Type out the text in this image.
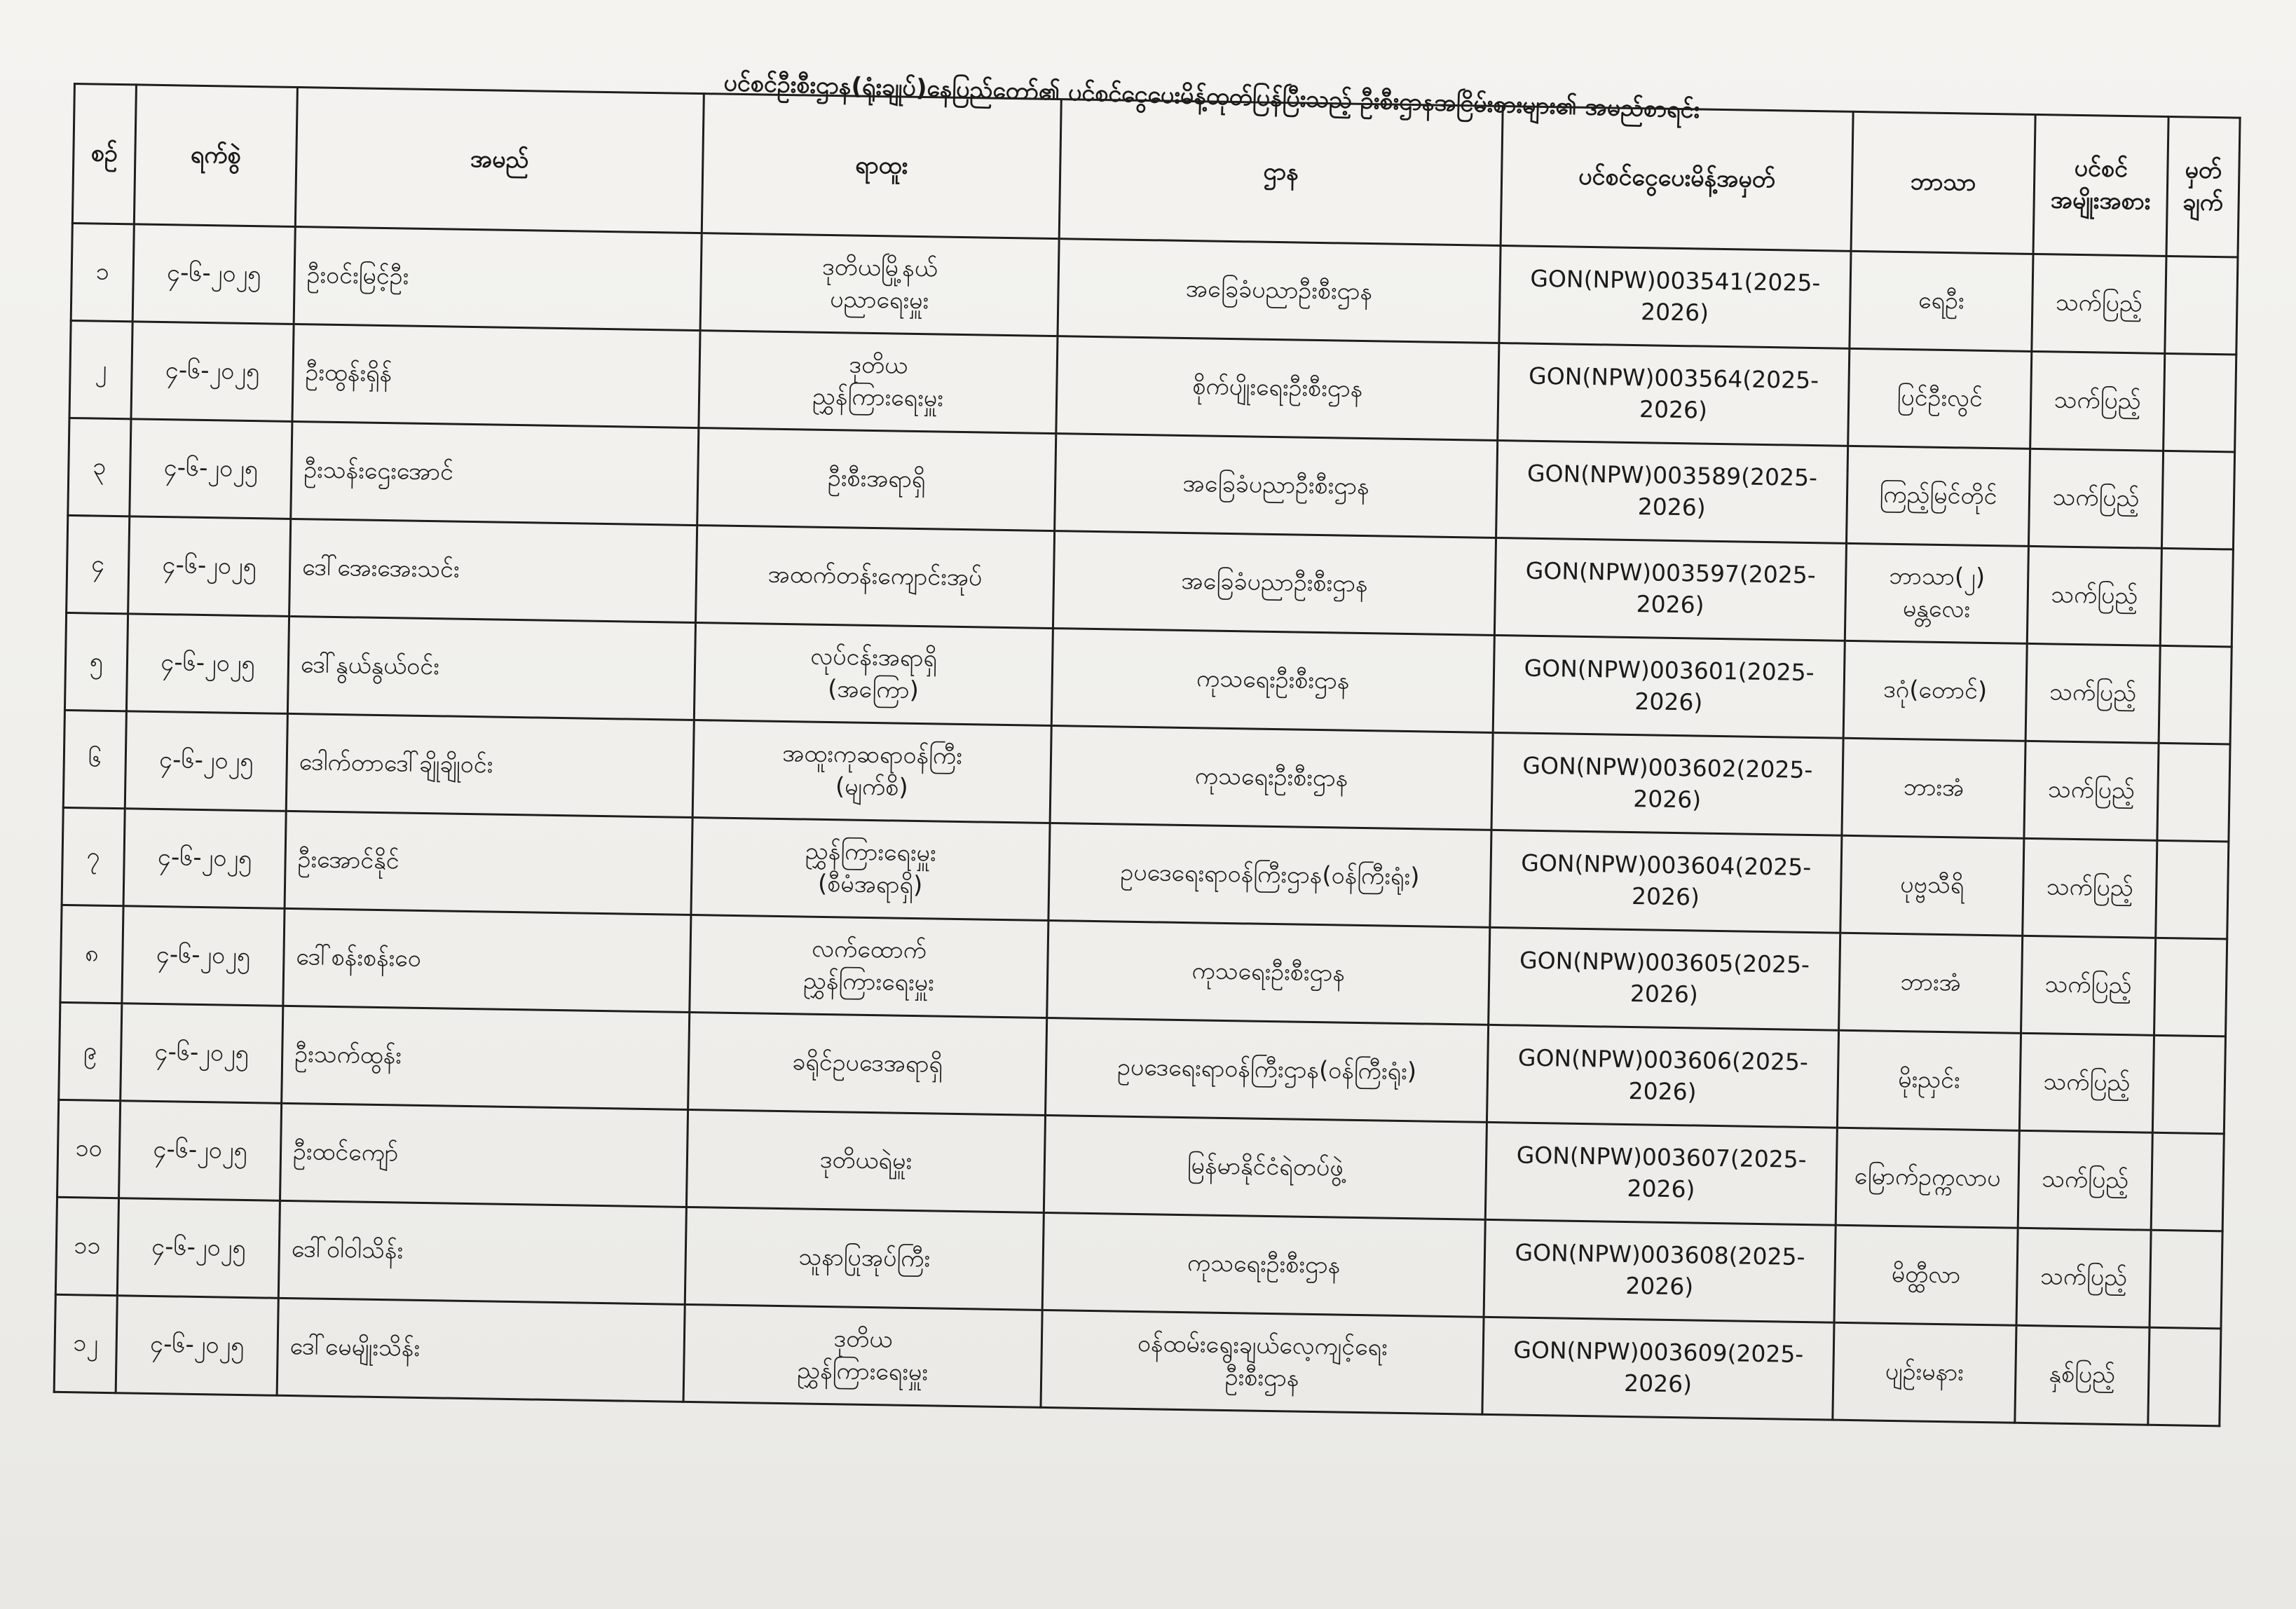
ပင်စင်ဦးစီးဌာန(ရုံးချုပ်)နေပြည်တော်၏ ပင်စင်ငွေပေးမိန့်ထုတ်ပြန်ပြီးသည့် ဦးစီးဌာနအငြိမ်းစားများ၏ အမည်စာရင်း
စဉ်	ရက်စွဲ	အမည်	ရာထူး	ဌာန	ပင်စင်ငွေပေးမိန့်အမှတ်	ဘာသာ	ပင်စင်
အမျိုးအစား	မှတ်
ချက်

၁	၄-၆-၂၀၂၅	ဦးဝင်းမြင့်ဦး	ဒုတိယမြို့နယ်
ပညာရေးမှူး	အခြေခံပညာဦးစီးဌာန	GON(NPW)003541(2025-2026)	ရေဦး	သက်ပြည့်	
၂	၄-၆-၂၀၂၅	ဦးထွန်းရှိန်	ဒုတိယ
ညွှန်ကြားရေးမှူး	စိုက်ပျိုးရေးဦးစီးဌာန	GON(NPW)003564(2025-2026)	ပြင်ဦးလွင်	သက်ပြည့်	
၃	၄-၆-၂၀၂၅	ဦးသန်းဌေးအောင်	ဦးစီးအရာရှိ	အခြေခံပညာဦးစီးဌာန	GON(NPW)003589(2025-2026)	ကြည့်မြင်တိုင်	သက်ပြည့်	
၄	၄-၆-၂၀၂၅	ဒေါ်အေးအေးသင်း	အထက်တန်းကျောင်းအုပ်	အခြေခံပညာဦးစီးဌာန	GON(NPW)003597(2025-2026)	ဘာသာ(၂)
မန္တလေး	သက်ပြည့်	
၅	၄-၆-၂၀၂၅	ဒေါ်နွယ်နွယ်ဝင်း	လုပ်ငန်းအရာရှိ
(အကြော)	ကုသရေးဦးစီးဌာန	GON(NPW)003601(2025-2026)	ဒဂုံ(တောင်)	သက်ပြည့်	
၆	၄-၆-၂၀၂၅	ဒေါက်တာဒေါ်ချိုချိုဝင်း	အထူးကုဆရာဝန်ကြီး
(မျက်စိ)	ကုသရေးဦးစီးဌာန	GON(NPW)003602(2025-2026)	ဘားအံ	သက်ပြည့်	
၇	၄-၆-၂၀၂၅	ဦးအောင်နိုင်	ညွှန်ကြားရေးမှူး
(စီမံအရာရှိ)	ဥပဒေရေးရာဝန်ကြီးဌာန(ဝန်ကြီးရုံး)	GON(NPW)003604(2025-2026)	ပုဗ္ဗသီရိ	သက်ပြည့်	
၈	၄-၆-၂၀၂၅	ဒေါ်စန်းစန်းဝေ	လက်ထောက်
ညွှန်ကြားရေးမှူး	ကုသရေးဦးစီးဌာန	GON(NPW)003605(2025-2026)	ဘားအံ	သက်ပြည့်	
၉	၄-၆-၂၀၂၅	ဦးသက်ထွန်း	ခရိုင်ဥပဒေအရာရှိ	ဥပဒေရေးရာဝန်ကြီးဌာန(ဝန်ကြီးရုံး)	GON(NPW)003606(2025-2026)	မိုးညှင်း	သက်ပြည့်	
၁၀	၄-၆-၂၀၂၅	ဦးထင်ကျော်	ဒုတိယရဲမှူး	မြန်မာနိုင်ငံရဲတပ်ဖွဲ့	GON(NPW)003607(2025-2026)	မြောက်ဥက္ကလာပ	သက်ပြည့်	
၁၁	၄-၆-၂၀၂၅	ဒေါ်ဝါဝါသိန်း	သူနာပြုအုပ်ကြီး	ကုသရေးဦးစီးဌာန	GON(NPW)003608(2025-2026)	မိတ္ထီလာ	သက်ပြည့်	
၁၂	၄-၆-၂၀၂၅	ဒေါ်မေမျိုးသိန်း	ဒုတိယ
ညွှန်ကြားရေးမှူး	ဝန်ထမ်းရွေးချယ်လေ့ကျင့်ရေး
ဦးစီးဌာန	GON(NPW)003609(2025-2026)	ပျဉ်းမနား	နှစ်ပြည့်	
